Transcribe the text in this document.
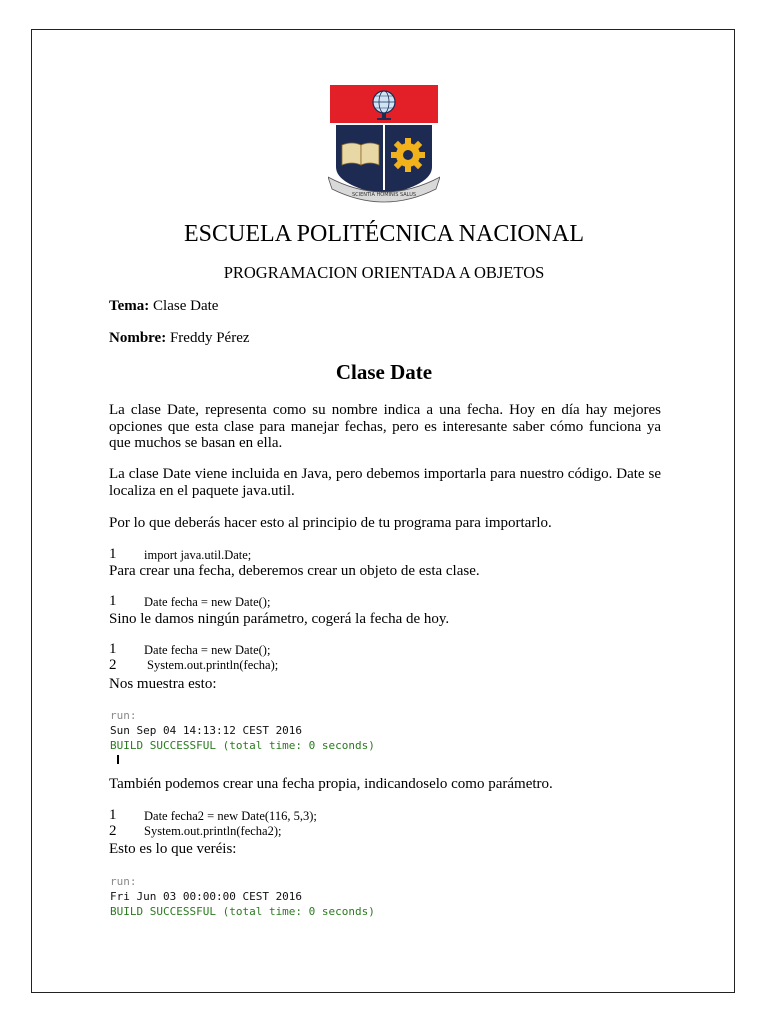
SCIENTIA HOMINIS SALUS
ESCUELA POLITÉCNICA NACIONAL
PROGRAMACION ORIENTADA A OBJETOS
Tema: Clase Date
Nombre: Freddy Pérez
Clase Date
La clase Date, representa como su nombre indica a una fecha. Hoy en día hay mejores opciones que esta clase para manejar fechas, pero es interesante saber cómo funciona ya que muchos se basan en ella.
La clase Date viene incluida en Java, pero debemos importarla para nuestro código. Date se localiza en el paquete java.util.
Por lo que deberás hacer esto al principio de tu programa para importarlo.
1 import java.util.Date;
Para crear una fecha, deberemos crear un objeto de esta clase.
1 Date fecha = new Date();
Sino le damos ningún parámetro, cogerá la fecha de hoy.
1 Date fecha = new Date();
2 System.out.println(fecha);
Nos muestra esto:
run:
Sun Sep 04 14:13:12 CEST 2016
BUILD SUCCESSFUL (total time: 0 seconds)
También podemos crear una fecha propia, indicandoselo como parámetro.
1 Date fecha2 = new Date(116, 5,3);
2 System.out.println(fecha2);
Esto es lo que veréis:
run:
Fri Jun 03 00:00:00 CEST 2016
BUILD SUCCESSFUL (total time: 0 seconds)
